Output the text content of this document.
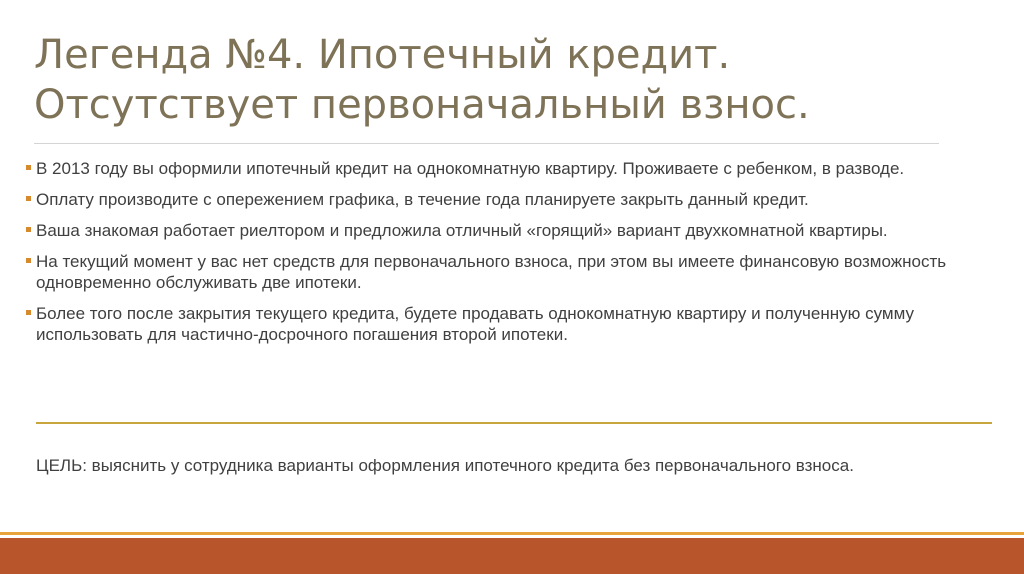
Легенда №4. Ипотечный кредит. Отсутствует первоначальный взнос.
В 2013 году вы оформили ипотечный кредит на однокомнатную квартиру. Проживаете с ребенком, в разводе.
Оплату производите с опережением графика, в течение года планируете закрыть данный кредит.
Ваша знакомая работает риелтором и предложила отличный «горящий» вариант двухкомнатной квартиры.
На текущий момент у вас нет средств для первоначального взноса, при этом вы имеете финансовую возможность одновременно обслуживать две ипотеки.
Более того после закрытия текущего кредита, будете продавать однокомнатную квартиру и полученную сумму использовать для частично-досрочного погашения второй ипотеки.

ЦЕЛЬ: выяснить у сотрудника варианты оформления ипотечного кредита без первоначального взноса.
